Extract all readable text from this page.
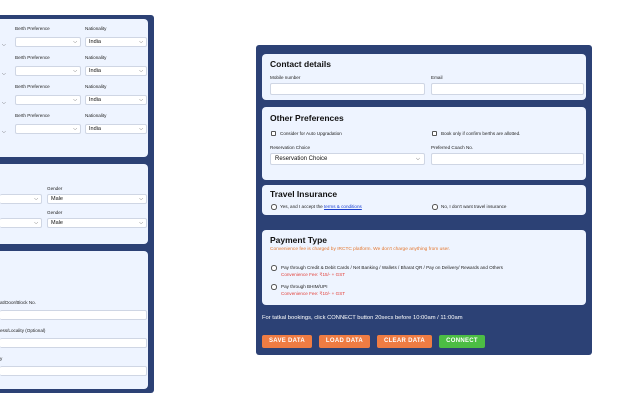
⌵
Berth Preference
⌵
Nationality
India	⌵
⌵
Berth Preference
⌵
Nationality
India	⌵
⌵
Berth Preference
⌵
Nationality
India	⌵
⌵
Berth Preference
⌵
Nationality
India	⌵
Gender
⌵	Male	⌵
Gender
⌵	Male	⌵
at/Door/Block No.
ess/Locality (Optional)
y
Contact details
Mobile number	Email
Other Preferences
Consider for Auto Upgradation	Book only if confirm berths are allotted.
Reservation Choice
Reservation Choice	⌵
Preferred Coach No.
Travel Insurance
Yes, and I accept the terms & conditions	No, I don't want travel insurance
Payment Type
Convenience fee is charged by IRCTC platform. We don't charge anything from user.
Pay through Credit & Debit Cards / Net Banking / Wallets / Bharat QR / Pay on Delivery/ Rewards and Others
Convenience Fee: ₹15/- + GST
Pay through BHIM/UPI
Convenience Fee: ₹10/- + GST
For tatkal bookings, click CONNECT button 20secs before 10:00am / 11:00am
SAVE DATA	LOAD DATA	CLEAR DATA	CONNECT
